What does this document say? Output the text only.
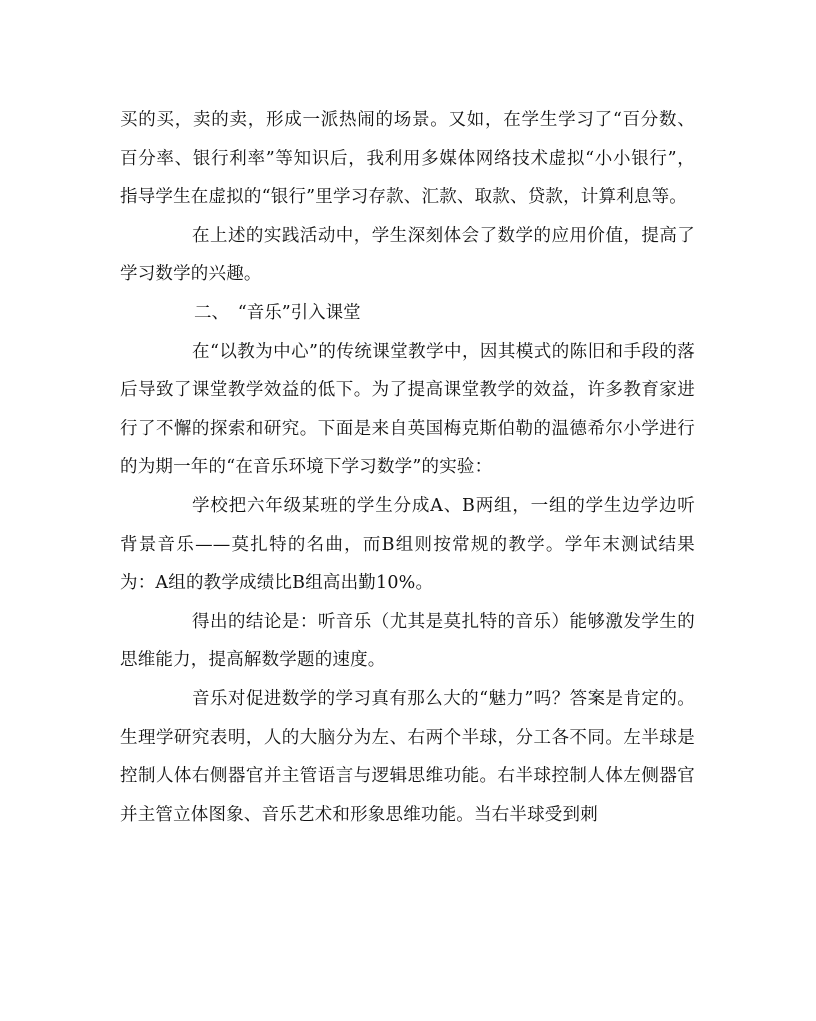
买的买，卖的卖，形成一派热闹的场景。又如，在学生学习了“百分数、百分率、银行利率”等知识后，我利用多媒体网络技术虚拟“小小银行”，指导学生在虚拟的“银行”里学习存款、汇款、取款、贷款，计算利息等。

在上述的实践活动中，学生深刻体会了数学的应用价值，提高了学习数学的兴趣。

二、　“音乐”引入课堂

在“以教为中心”的传统课堂教学中，因其模式的陈旧和手段的落后导致了课堂教学效益的低下。为了提高课堂教学的效益，许多教育家进行了不懈的探索和研究。下面是来自英国梅克斯伯勒的温德希尔小学进行的为期一年的“在音乐环境下学习数学”的实验：

学校把六年级某班的学生分成A、B两组，一组的学生边学边听背景音乐——莫扎特的名曲，而B组则按常规的教学。学年末测试结果为：A组的教学成绩比B组高出勤10%。

得出的结论是：听音乐（尤其是莫扎特的音乐）能够激发学生的思维能力，提高解数学题的速度。

音乐对促进数学的学习真有那么大的“魅力”吗？答案是肯定的。生理学研究表明，人的大脑分为左、右两个半球，分工各不同。左半球是控制人体右侧器官并主管语言与逻辑思维功能。右半球控制人体左侧器官并主管立体图象、音乐艺术和形象思维功能。当右半球受到刺
